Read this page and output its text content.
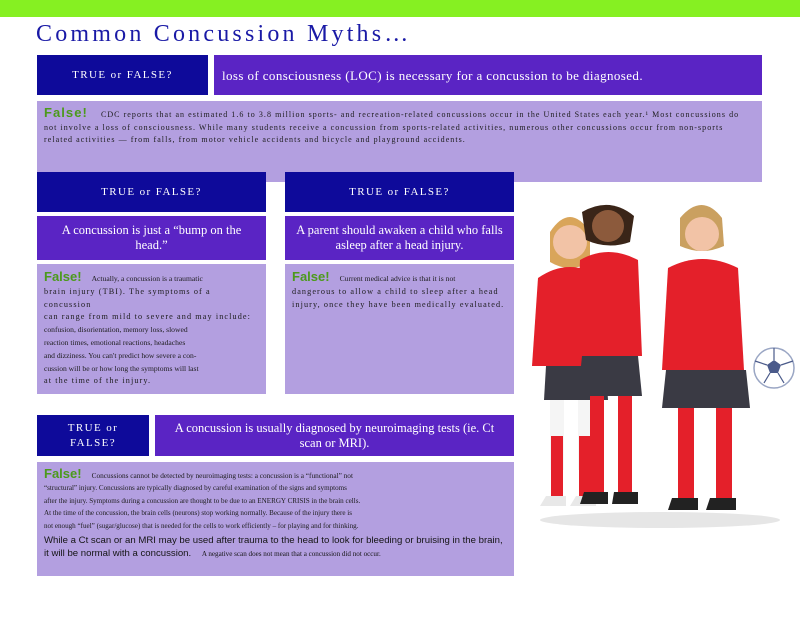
Common Concussion Myths…
TRUE or FALSE?	loss of consciousness (LOC) is necessary for a concussion to be diagnosed.

False! CDC reports that an estimated 1.6 to 3.8 million sports- and recreation-related concussions occur in the United States each year.¹ Most concussions do not involve a loss of consciousness. While many students receive a concussion from sports-related activities, numerous other concussions occur from non-sports related activities — from falls, from motor vehicle accidents and bicycle and playground accidents.

TRUE or FALSE?
A concussion is just a “bump on the head.”

False! Actually, a concussion is a traumatic

brain injury (TBI). The symptoms of a concussion

can range from mild to severe and may include:

confusion, disorientation, memory loss, slowed

reaction times, emotional reactions, headaches

and dizziness. You can't predict how severe a con-

cussion will be or how long the symptoms will last

at the time of the injury.

TRUE or FALSE?
A parent should awaken a child who falls asleep after a head injury.

False! Current medical advice is that it is not

dangerous to allow a child to sleep after a head

injury, once they have been medically evaluated.

TRUE or FALSE?
A concussion is usually diagnosed by neuroimaging tests (ie. Ct scan or MRI).

False! Concussions cannot be detected by neuroimaging tests: a concussion is a “functional” not

“structural” injury. Concussions are typically diagnosed by careful examination of the signs and symptoms

after the injury. Symptoms during a concussion are thought to be due to an ENERGY CRISIS in the brain cells.

At the time of the concussion, the brain cells (neurons) stop working normally. Because of the injury there is

not enough “fuel” (sugar/glucose) that is needed for the cells to work efficiently – for playing and for thinking.

While a Ct scan or an MRI may be used after trauma to the head to look for bleeding or bruising in the brain, it will be normal with a concussion. A negative scan does not mean that a concussion did not occur.
